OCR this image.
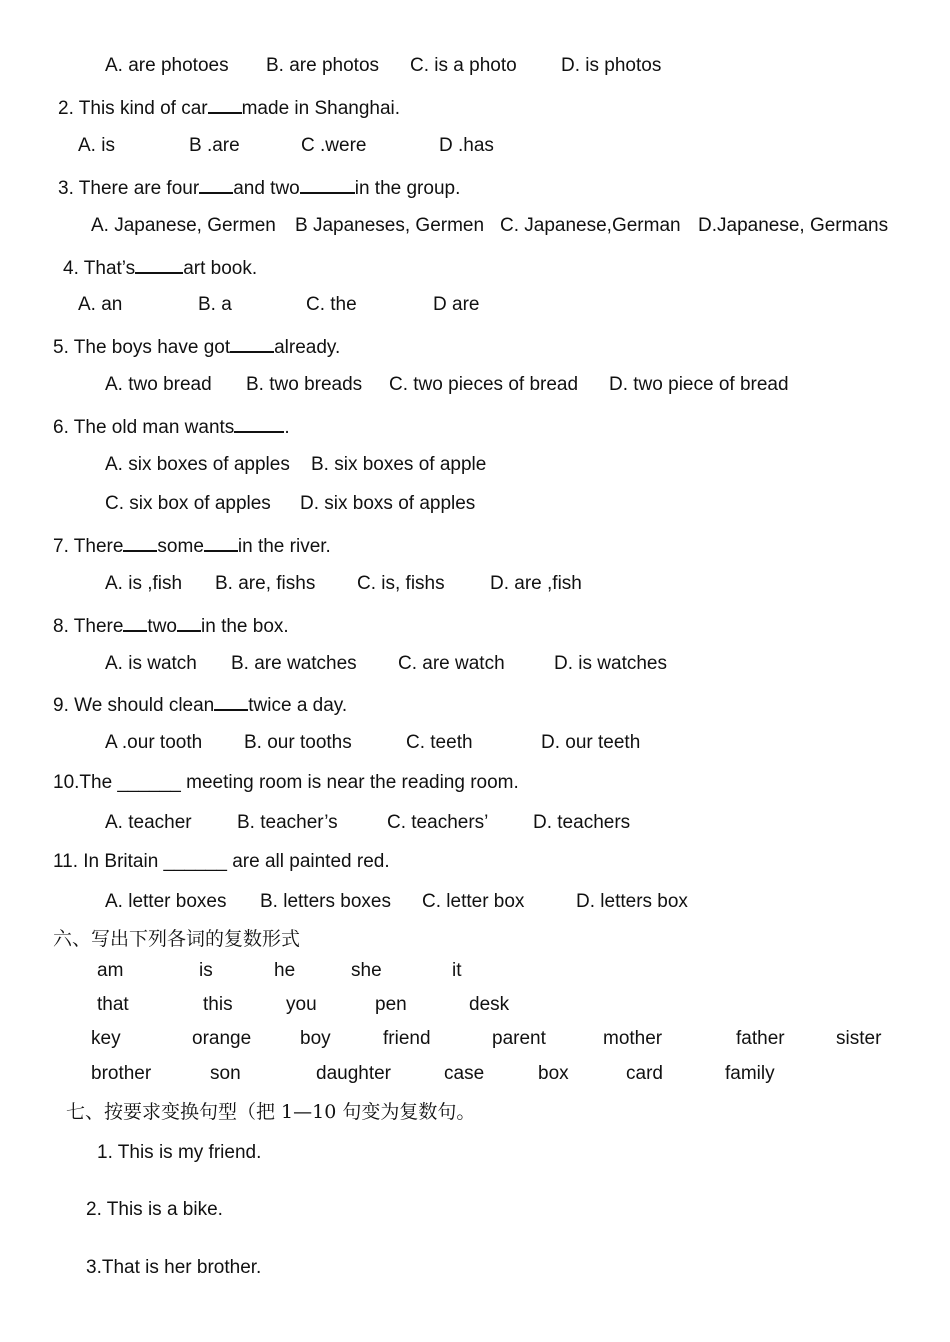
A. are photoes B. are photos C. is a photo D. is photos
2. This kind of car made in Shanghai.
A. is	B .are	C .were	D .has
3. There are four and two	in the group.
A. Japanese, Germen B Japaneses, Germen C. Japanese,German D.Japanese, Germans
4. That’s	art book.
A. an	B. a	C. the	D are
5. The boys have got already.
A. two bread B. two breads C. two pieces of bread D. two piece of bread
6. The old man wants	.
A. six boxes of apples B. six boxes of apple
C. six box of apples D. six boxs of apples
7. There some in the river.
A. is ,fish B. are, fishs C. is, fishs D. are ,fish
8. There two in the box.
A. is watch B. are watches C. are watch	D. is watches
9. We should clean twice a day.
A .our tooth B. our tooths	C. teeth	D. our teeth
10.The ______ meeting room is near the reading room.
A. teacher B. teacher’s	C. teachers’ D. teachers
11. In Britain ______ are all painted red.
A. letter boxes B. letters boxes C. letter box	D. letters box
六、写出下列各词的复数形式
am	is	he	she	it
that	this	you	pen	desk
key	orange	boy	friend	parent	mother	father	sister
brother	son	daughter	case	box	card	family
七、按要求变换句型（把 1—10 句变为复数句。
1. This is my friend.
2. This is a bike.
3.That is her brother.
